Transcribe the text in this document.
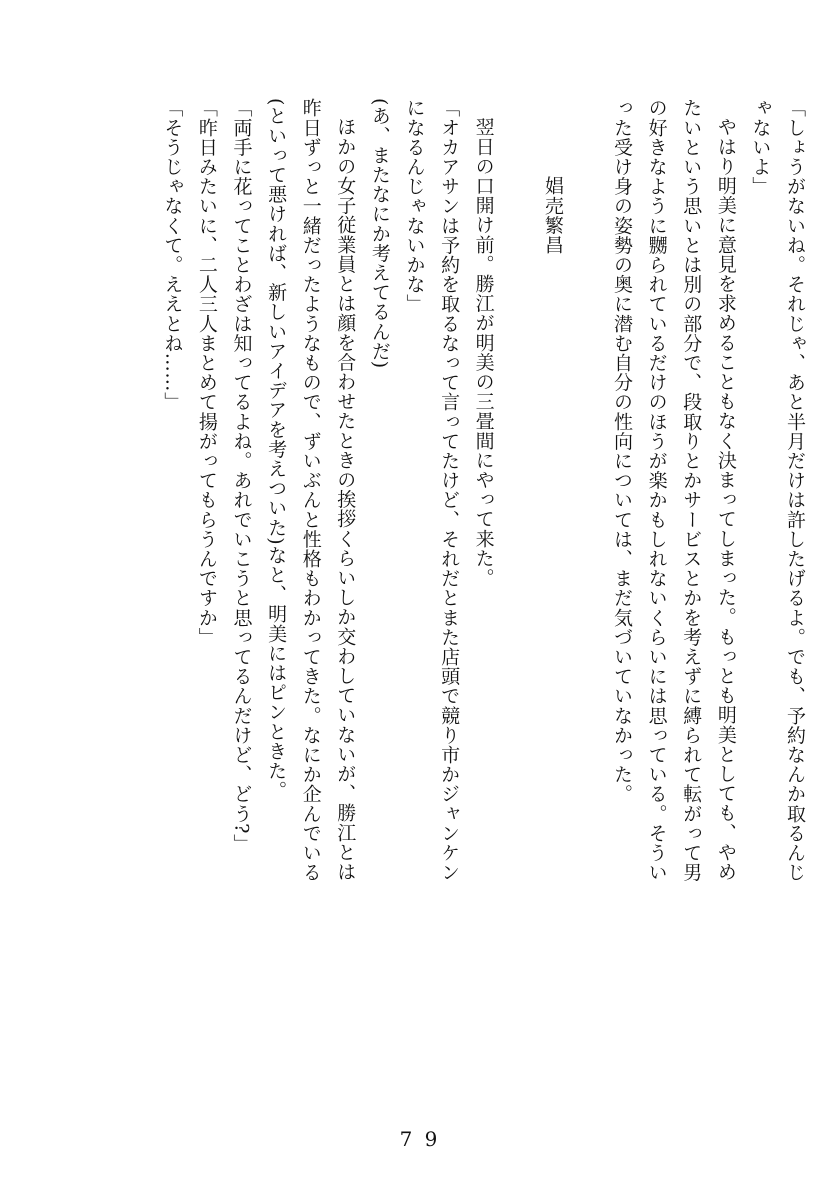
「しょうがないね。それじゃ、あと半月だけは許したげるよ。でも、予約なんか取るんじ
ゃないよ」
やはり明美に意見を求めることもなく決まってしまった。もっとも明美としても、やめ
たいという思いとは別の部分で、段取りとかサービスとかを考えずに縛られて転がって男
の好きなように嬲られているだけのほうが楽かもしれないくらいには思っている。そうい
った受け身の姿勢の奥に潜む自分の性向については、まだ気づいていなかった。
娼売繁昌
翌日の口開け前。勝江が明美の三畳間にやって来た。
「オカアサンは予約を取るなって言ってたけど、それだとまた店頭で競り市かジャンケン
になるんじゃないかな」
(あ、またなにか考えてるんだ)
ほかの女子従業員とは顔を合わせたときの挨拶くらいしか交わしていないが、勝江とは
昨日ずっと一緒だったようなもので、ずいぶんと性格もわかってきた。なにか企んでいる
(といって悪ければ、新しいアイデアを考えついた)なと、明美にはピンときた。
「両手に花ってことわざは知ってるよね。あれでいこうと思ってるんだけど、どう?」
「昨日みたいに、二人三人まとめて揚がってもらうんですか」
「そうじゃなくて。ええとね……」
7 9
